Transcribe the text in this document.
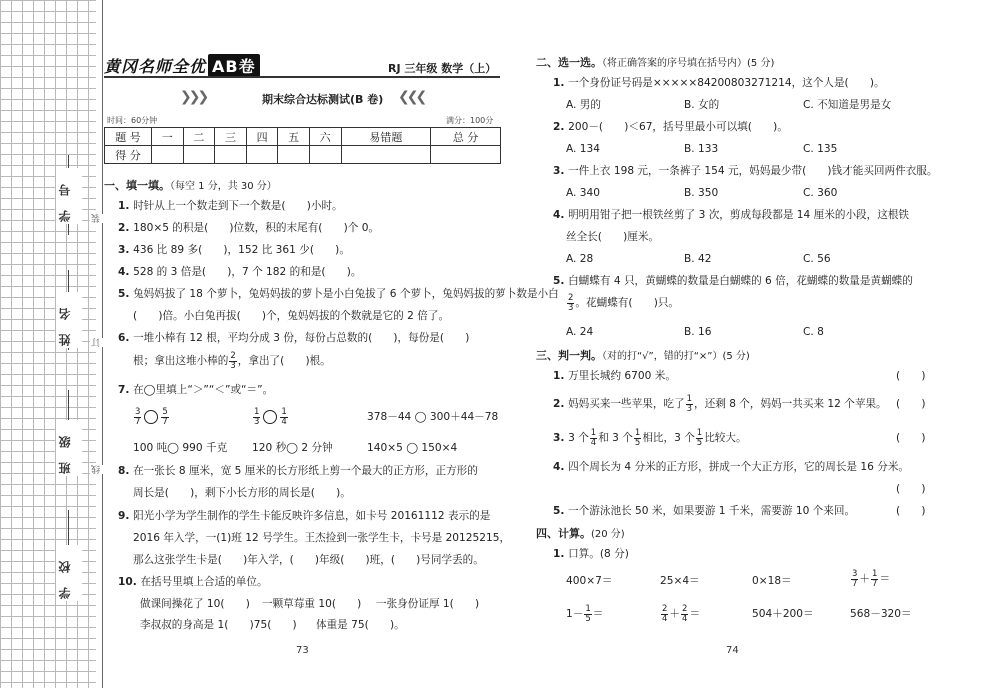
学号
姓名
班级
学校
装
订
线
黄冈名师全优 AB卷	RJ 三年级 数学（上）
❯❯❯	期末综合达标测试(B 卷) ❮❮❮
时间：60分钟	满分：100分
题 号	一	二	三	四	五	六	易错题	总 分
得 分								
一、填一填。（每空 1 分，共 30 分）
1. 时针从上一个数走到下一个数是(　　)小时。
2. 180×5 的积是(　　)位数，积的末尾有(　　)个 0。
3. 436 比 89 多(　　)，152 比 361 少(　　)。
4. 528 的 3 倍是(　　)，7 个 182 的和是(　　)。
5. 兔妈妈拔了 18 个萝卜，兔妈妈拔的萝卜是小白兔拔了 6 个萝卜，兔妈妈拔的萝卜数是小白
(　　)倍。小白兔再拔(　　)个，兔妈妈拔的个数就是它的 2 倍了。
6. 一堆小棒有 12 根，平均分成 3 份，每份占总数的(　　)，每份是(　　)
根；拿出这堆小棒的 $\frac{2}{3}$ ，拿出了(　　)根。
7. 在◯里填上“＞”“＜”或“＝”。
$\frac{3}{7} \frac{5}{7}$	$\frac{1}{3} \frac{1}{4}$	378－44 ◯ 300＋44－78
100 吨◯ 990 千克 120 秒◯ 2 分钟	140×5 ◯ 150×4
8. 在一张长 8 厘米，宽 5 厘米的长方形纸上剪一个最大的正方形，正方形的
周长是(　　)，剩下小长方形的周长是(　　)。
9. 阳光小学为学生制作的学生卡能反映许多信息，如卡号 20161112 表示的是
2016 年入学，一(1)班 12 号学生。王杰捡到一张学生卡，卡号是 20125215，
那么这张学生卡是(　　)年入学，(　　)年级(　　)班，(　　)号同学丢的。
10. 在括号里填上合适的单位。
做课间操花了 10(　　) 一颗草莓重 10(　　) 一张身份证厚 1(　　)
李叔叔的身高是 1(　　)75(　　) 体重是 75(　　)。
73
二、选一选。（将正确答案的序号填在括号内）(5 分)
1. 一个身份证号码是×××××84200803271214，这个人是(　　)。
A. 男的	B. 女的	C. 不知道是男是女
2. 200－(　　)＜67，括号里最小可以填(　　)。
A. 134	B. 133	C. 135
3. 一件上衣 198 元，一条裤子 154 元，妈妈最少带(　　)钱才能买回两件衣服。
A. 340	B. 350	C. 360
4. 明明用钳子把一根铁丝剪了 3 次，剪成每段都是 14 厘米的小段，这根铁
丝全长(　　)厘米。
A. 28	B. 42	C. 56
5. 白蝴蝶有 4 只，黄蝴蝶的数量是白蝴蝶的 6 倍，花蝴蝶的数量是黄蝴蝶的
$\frac{2}{3}$ 。花蝴蝶有(　　)只。
A. 24	B. 16	C. 8
三、判一判。（对的打“√”，错的打“×”）(5 分)
1. 万里长城约 6700 米。	(　　)
2. 妈妈买来一些苹果，吃了 $\frac{1}{3}$ ，还剩 8 个，妈妈一共买来 12 个苹果。 (　　)
3. 3 个 $\frac{1}{4}$ 和 3 个 $\frac{1}{5}$ 相比，3 个 $\frac{1}{5}$ 比较大。	(　　)
4. 四个周长为 4 分米的正方形，拼成一个大正方形，它的周长是 16 分米。
(　　)
5. 一个游泳池长 50 米，如果要游 1 千米，需要游 10 个来回。	(　　)
四、计算。(20 分)
1. 口算。(8 分)
400×7＝	25×4＝	0×18＝	$\frac{3}{7} + \frac{1}{7}$ ＝
$1- \frac{1}{5}$ ＝	$\frac{2}{4} + \frac{2}{4}$ ＝	504＋200＝	568－320＝
74
